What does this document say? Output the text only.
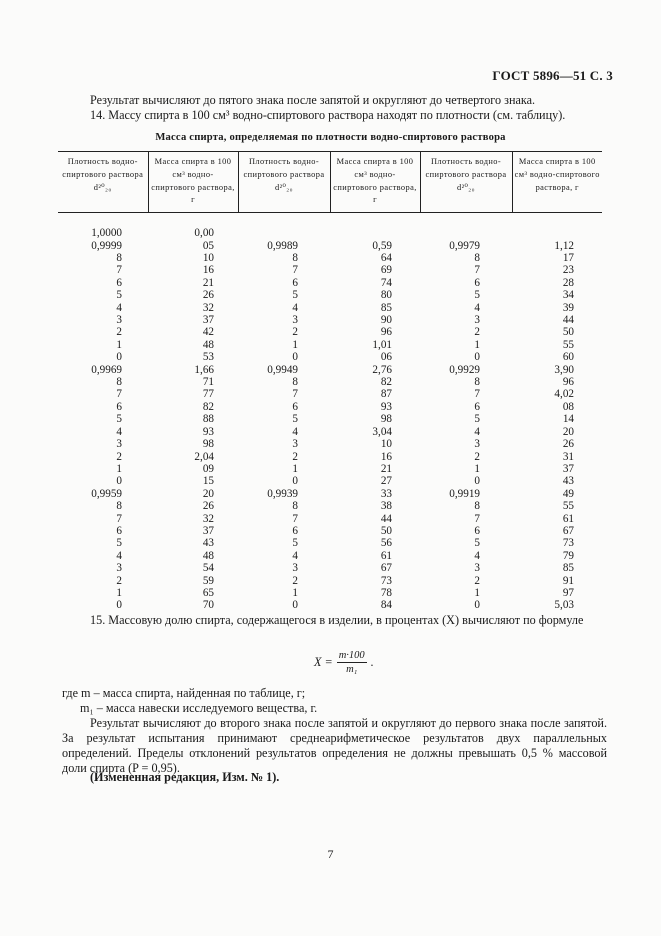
ГОСТ 5896—51 С. 3
Результат вычисляют до пятого знака после запятой и округляют до четвертого знака.
14. Массу спирта в 100 см³ водно-спиртового раствора находят по плотности (см. таблицу).
Масса спирта, определяемая по плотности водно-спиртового раствора
Плотность водно-спиртового раствора d²⁰₂₀	Масса спирта в 100 см³ водно-спиртового раствора, г	Плотность водно-спиртового раствора d²⁰₂₀	Масса спирта в 100 см³ водно-спиртового раствора, г	Плотность водно-спиртового раствора d²⁰₂₀	Масса спирта в 100 см³ водно-спиртового раствора, г
1,0000	0,00				
0,9999	05	0,9989	0,59	0,9979	1,12
8	10	8	64	8	17
7	16	7	69	7	23
6	21	6	74	6	28
5	26	5	80	5	34
4	32	4	85	4	39
3	37	3	90	3	44
2	42	2	96	2	50
1	48	1	1,01	1	55
0	53	0	06	0	60
0,9969	1,66	0,9949	2,76	0,9929	3,90
8	71	8	82	8	96
7	77	7	87	7	4,02
6	82	6	93	6	08
5	88	5	98	5	14
4	93	4	3,04	4	20
3	98	3	10	3	26
2	2,04	2	16	2	31
1	09	1	21	1	37
0	15	0	27	0	43
0,9959	20	0,9939	33	0,9919	49
8	26	8	38	8	55
7	32	7	44	7	61
6	37	6	50	6	67
5	43	5	56	5	73
4	48	4	61	4	79
3	54	3	67	3	85
2	59	2	73	2	91
1	65	1	78	1	97
0	70	0	84	0	5,03
15. Массовую долю спирта, содержащегося в изделии, в процентах (X) вычисляют по формуле
$X = \frac{m\cdot 100}{\text{m₁}}$ .
где m – масса спирта, найденная по таблице, г;
m₁ – масса навески исследуемого вещества, г.
Результат вычисляют до второго знака после запятой и округляют до первого знака после запятой. За результат испытания принимают среднеарифметическое результатов двух параллельных определений. Пределы отклонений результатов определения не должны превышать 0,5 % массовой доли спирта (P = 0,95).
(Измененная редакция, Изм. № 1).
7
